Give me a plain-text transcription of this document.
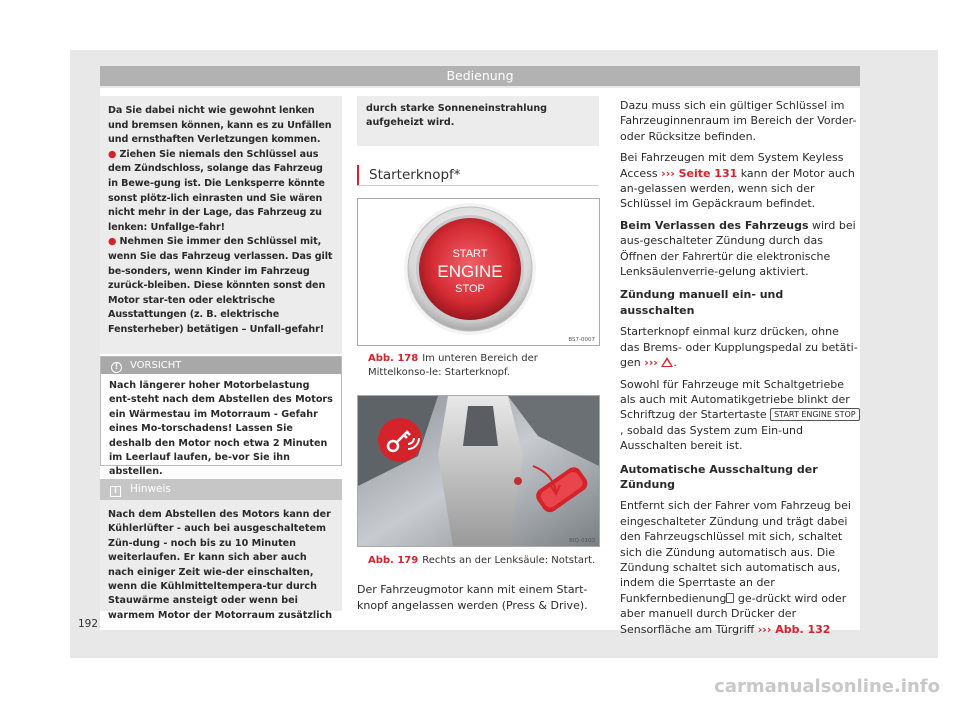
Bedienung

Da Sie dabei nicht wie gewohnt lenken und bremsen können, kann es zu Unfällen und ernsthaften Verletzungen kommen.

● Ziehen Sie niemals den Schlüssel aus dem Zündschloss, solange das Fahrzeug in Bewe-gung ist. Die Lenksperre könnte sonst plötz-lich einrasten und Sie wären nicht mehr in der Lage, das Fahrzeug zu lenken: Unfallge-fahr!

● Nehmen Sie immer den Schlüssel mit, wenn Sie das Fahrzeug verlassen. Das gilt be-sonders, wenn Kinder im Fahrzeug zurück-bleiben. Diese könnten sonst den Motor star-ten oder elektrische Ausstattungen (z. B. elektrische Fensterheber) betätigen – Unfall-gefahr!

! VORSICHT
Nach längerer hoher Motorbelastung ent-steht nach dem Abstellen des Motors ein Wärmestau im Motorraum - Gefahr eines Mo-torschadens! Lassen Sie deshalb den Motor noch etwa 2 Minuten im Leerlauf laufen, be-vor Sie ihn abstellen.
i Hinweis
Nach dem Abstellen des Motors kann der Kühlerlüfter - auch bei ausgeschaltetem Zün-dung - noch bis zu 10 Minuten weiterlaufen. Er kann sich aber auch nach einiger Zeit wie-der einschalten, wenn die Kühlmitteltempera-tur durch Stauwärme ansteigt oder wenn bei warmem Motor der Motorraum zusätzlich
durch starke Sonneneinstrahlung aufgeheizt wird.
Starterknopf*
START
ENGINE
STOP
BS7-0007
Abb. 178 Im unteren Bereich der Mittelkonso-le: Starterknopf.
BIQ-0103
Abb. 179 Rechts an der Lenksäule: Notstart.
Der Fahrzeugmotor kann mit einem Start-knopf angelassen werden (Press & Drive).

Dazu muss sich ein gültiger Schlüssel im Fahrzeuginnenraum im Bereich der Vorder- oder Rücksitze befinden.

Bei Fahrzeugen mit dem System Keyless Access ››› Seite 131 kann der Motor auch an-gelassen werden, wenn sich der Schlüssel im Gepäckraum befindet.

Beim Verlassen des Fahrzeugs wird bei aus-geschalteter Zündung durch das Öffnen der Fahrertür die elektronische Lenksäulenverrie-gelung aktiviert.

Zündung manuell ein- und ausschalten

Starterknopf einmal kurz drücken, ohne das Brems- oder Kupplungspedal zu betäti-gen ››› .

Sowohl für Fahrzeuge mit Schaltgetriebe als auch mit Automatikgetriebe blinkt der Schriftzug der Startertaste START ENGINE STOP, sobald das System zum Ein-und Ausschalten bereit ist.

Automatische Ausschaltung der Zündung

Entfernt sich der Fahrer vom Fahrzeug bei eingeschalteter Zündung und trägt dabei den Fahrzeugschlüssel mit sich, schaltet sich die Zündung automatisch aus. Die Zündung schaltet sich automatisch aus, indem die Sperrtaste an der Funkfernbedienung ge-drückt wird oder aber manuell durch Drücker der Sensorfläche am Türgriff ››› Abb. 132

192
carmanualsonline.info
